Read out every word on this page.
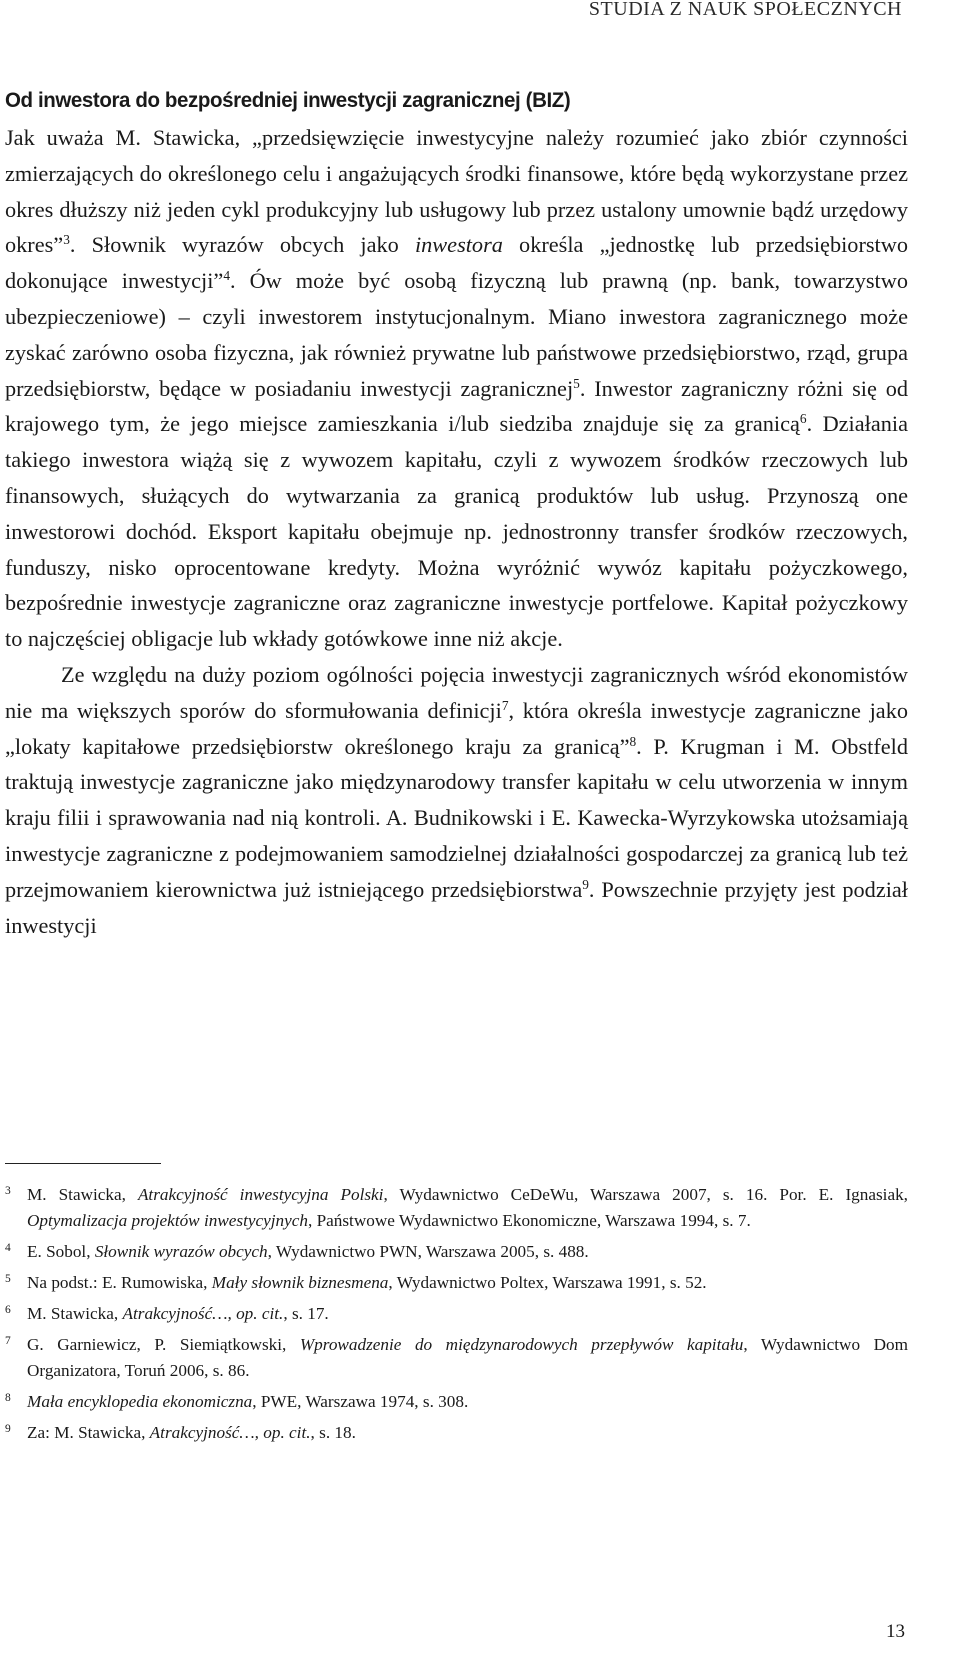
STUDIA Z NAUK SPOŁECZNYCH
Od inwestora do bezpośredniej inwestycji zagranicznej (BIZ)

Jak uważa M. Stawicka, „przedsięwzięcie inwestycyjne należy rozumieć jako zbiór czynności zmierzających do określonego celu i angażujących środki finansowe, które będą wykorzystane przez okres dłuższy niż jeden cykl produkcyjny lub usługowy lub przez ustalony umownie bądź urzędowy okres”$^3$. Słownik wyrazów obcych jako inwestora określa „jednostkę lub przedsiębiorstwo dokonujące inwestycji”$^4$. Ów może być osobą fizyczną lub prawną (np. bank, towarzystwo ubezpieczeniowe) – czyli inwestorem instytucjonalnym. Miano inwestora zagranicznego może zyskać zarówno osoba fizyczna, jak również prywatne lub państwowe przedsiębiorstwo, rząd, grupa przedsiębiorstw, będące w posiadaniu inwestycji zagranicznej$^5$. Inwestor zagraniczny różni się od krajowego tym, że jego miejsce zamieszkania i/lub siedziba znajduje się za granicą$^6$. Działania takiego inwestora wiążą się z wywozem kapitału, czyli z wywozem środków rzeczowych lub finansowych, służących do wytwarzania za granicą produktów lub usług. Przynoszą one inwestorowi dochód. Eksport kapitału obejmuje np. jednostronny transfer środków rzeczowych, funduszy, nisko oprocentowane kredyty. Można wyróżnić wywóz kapitału pożyczkowego, bezpośrednie inwestycje zagraniczne oraz zagraniczne inwestycje portfelowe. Kapitał pożyczkowy to najczęściej obligacje lub wkłady gotówkowe inne niż akcje.

Ze względu na duży poziom ogólności pojęcia inwestycji zagranicznych wśród ekonomistów nie ma większych sporów do sformułowania definicji$^7$, która określa inwestycje zagraniczne jako „lokaty kapitałowe przedsiębiorstw określonego kraju za granicą”$^8$. P. Krugman i M. Obstfeld traktują inwestycje zagraniczne jako międzynarodowy transfer kapitału w celu utworzenia w innym kraju filii i sprawowania nad nią kontroli. A. Budnikowski i E. Kawecka-Wyrzykowska utożsamiają inwestycje zagraniczne z podejmowaniem samodzielnej działalności gospodarczej za granicą lub też przejmowaniem kierownictwa już istniejącego przedsiębiorstwa$^9$. Powszechnie przyjęty jest podział inwestycji

3 M. Stawicka, Atrakcyjność inwestycyjna Polski, Wydawnictwo CeDeWu, Warszawa 2007, s. 16. Por. E. Ignasiak, Optymalizacja projektów inwestycyjnych, Państwowe Wydawnictwo Ekonomiczne, Warszawa 1994, s. 7.
4 E. Sobol, Słownik wyrazów obcych, Wydawnictwo PWN, Warszawa 2005, s. 488.
5 Na podst.: E. Rumowiska, Mały słownik biznesmena, Wydawnictwo Poltex, Warszawa 1991, s. 52.
6 M. Stawicka, Atrakcyjność…, op. cit., s. 17.
7 G. Garniewicz, P. Siemiątkowski, Wprowadzenie do międzynarodowych przepływów kapitału, Wydawnictwo Dom Organizatora, Toruń 2006, s. 86.
8 Mała encyklopedia ekonomiczna, PWE, Warszawa 1974, s. 308.
9 Za: M. Stawicka, Atrakcyjność…, op. cit., s. 18.
13
